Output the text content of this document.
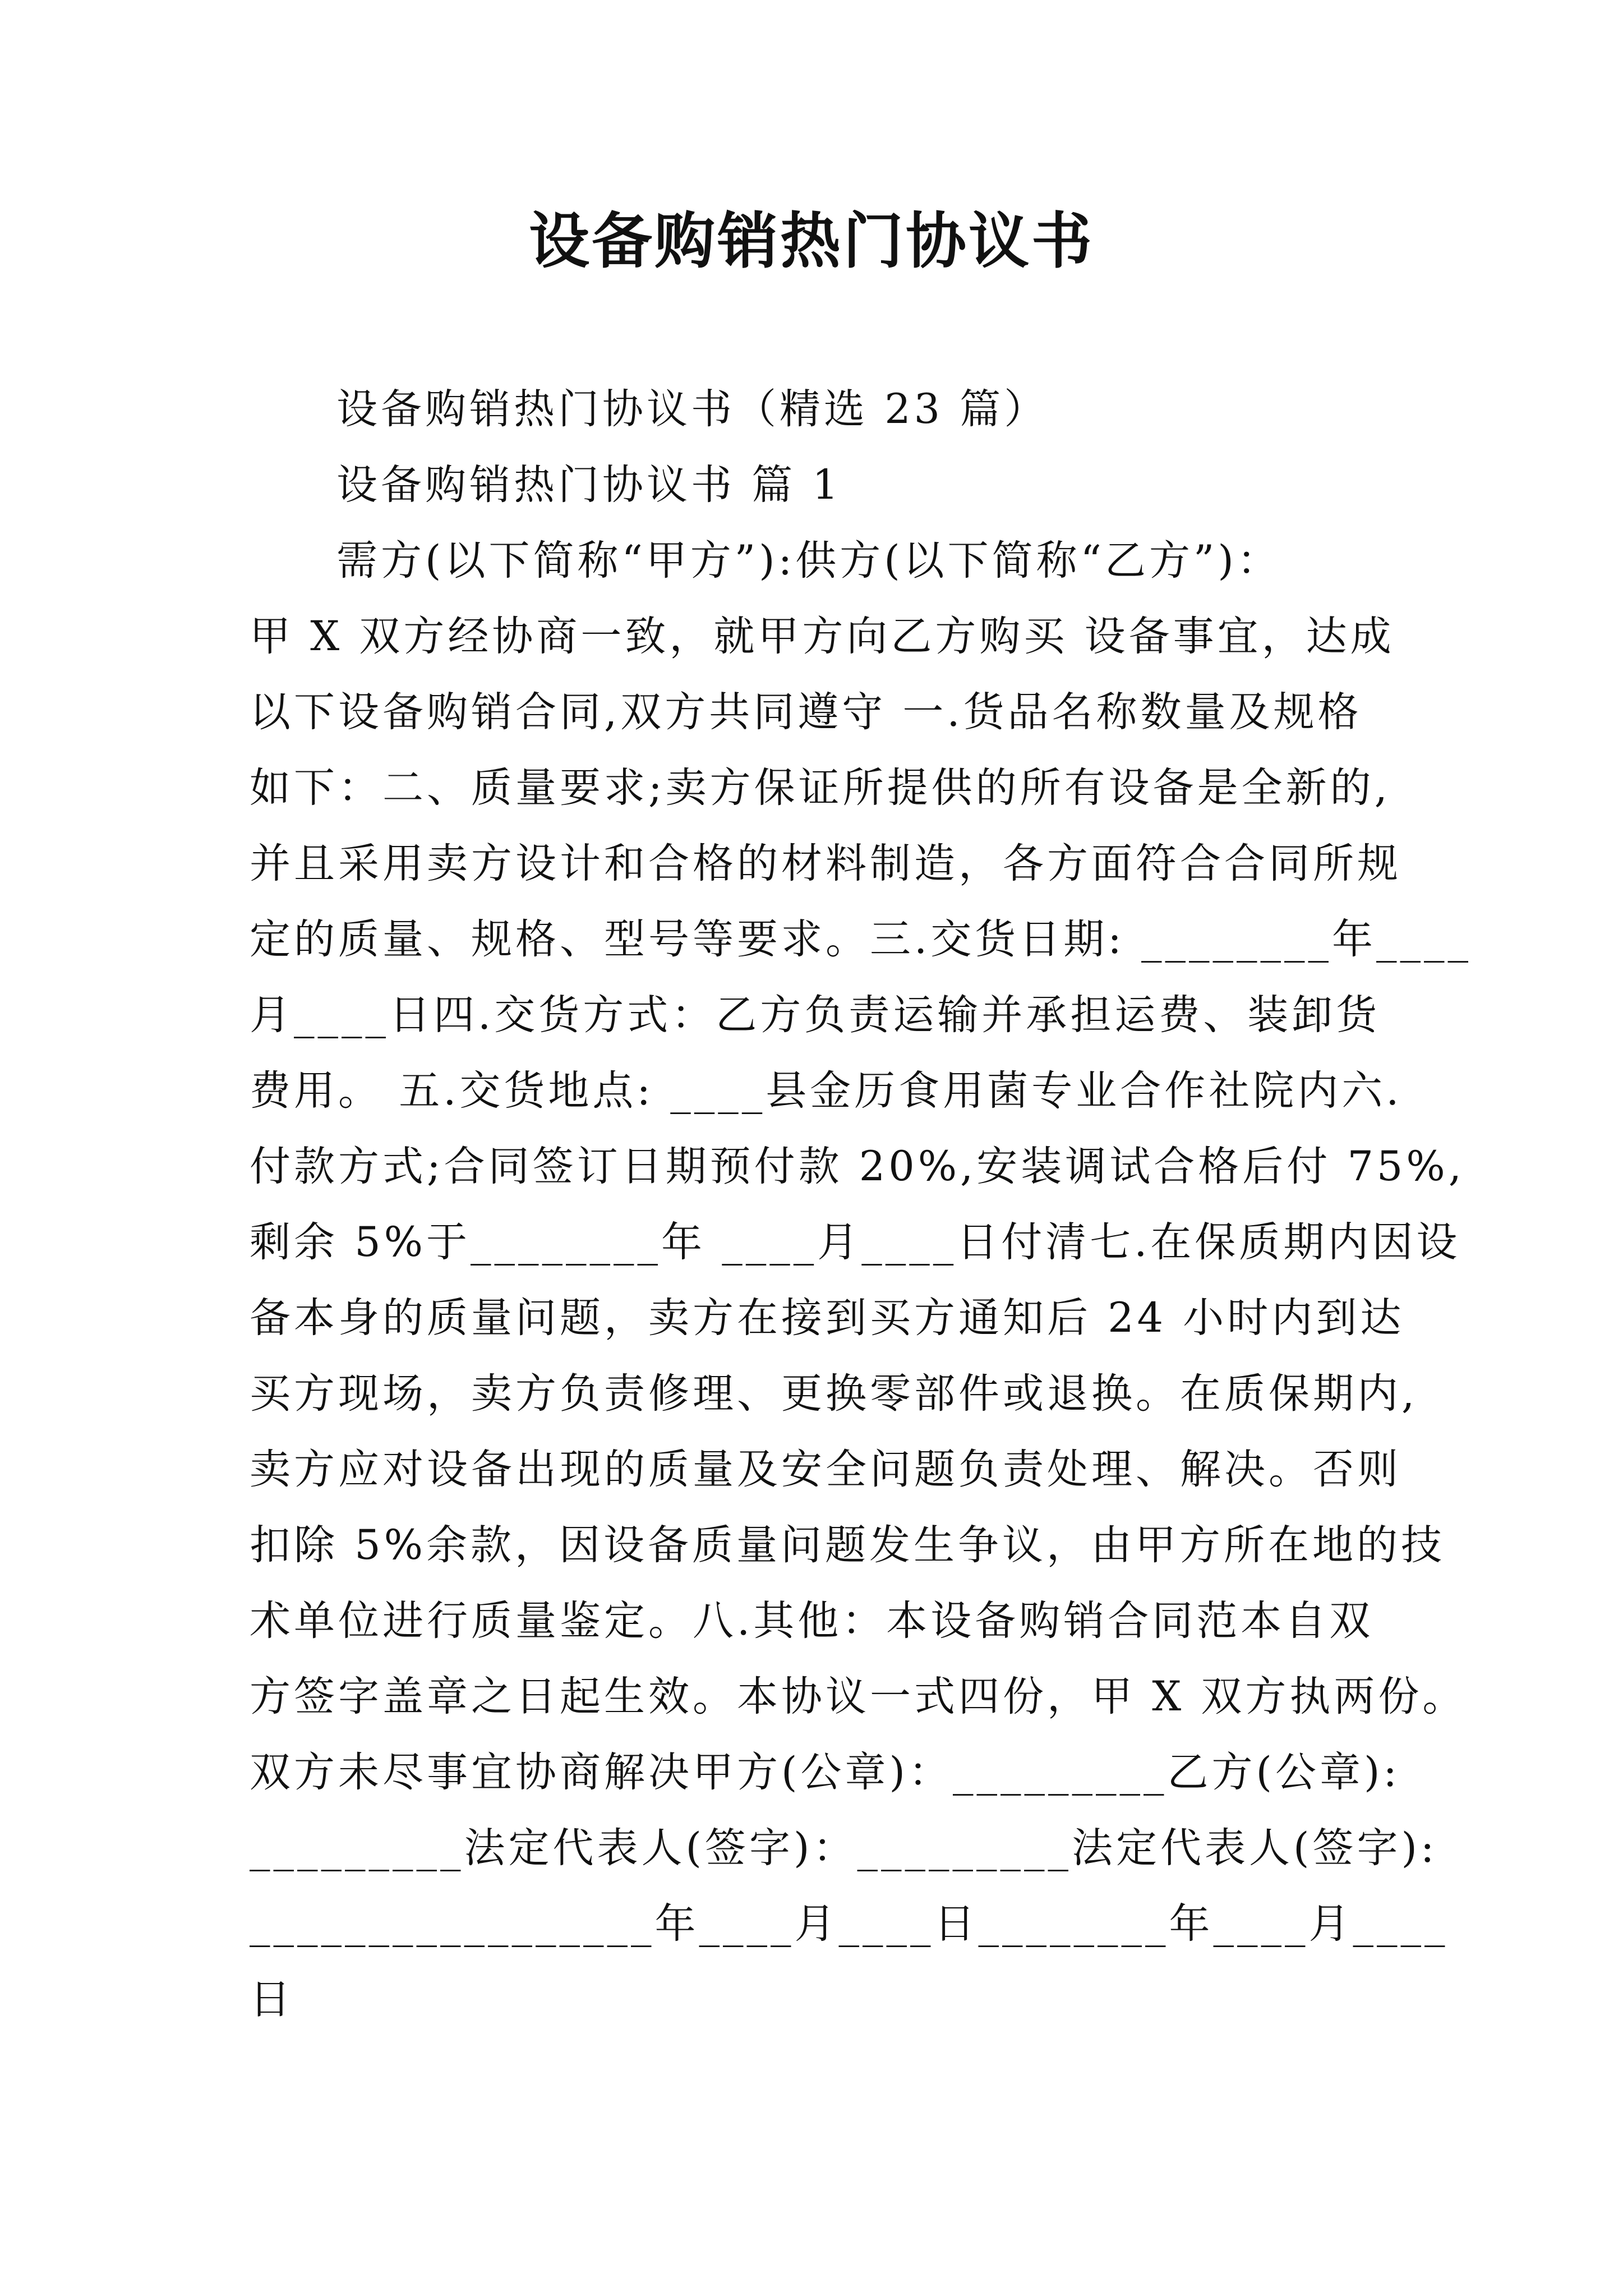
设备购销热门协议书
设备购销热门协议书（精选 23 篇）
设备购销热门协议书 篇 1
需方(以下简称“甲方”):供方(以下简称“乙方”)：
甲 X 双方经协商一致，就甲方向乙方购买 设备事宜，达成
以下设备购销合同,双方共同遵守 一.货品名称数量及规格
如下：二、质量要求;卖方保证所提供的所有设备是全新的,
并且采用卖方设计和合格的材料制造，各方面符合合同所规
定的质量、规格、型号等要求。三.交货日期: ________年____
月____日四.交货方式：乙方负责运输并承担运费、装卸货
费用。 五.交货地点: ____县金历食用菌专业合作社院内六.
付款方式;合同签订日期预付款 20%,安装调试合格后付 75%,
剩余 5%于________年 ____月____日付清七.在保质期内因设
备本身的质量问题，卖方在接到买方通知后 24 小时内到达
买方现场，卖方负责修理、更换零部件或退换。在质保期内,
卖方应对设备出现的质量及安全问题负责处理、解决。否则
扣除 5%余款，因设备质量问题发生争议，由甲方所在地的技
术单位进行质量鉴定。八.其他：本设备购销合同范本自双
方签字盖章之日起生效。本协议一式四份，甲 X 双方执两份。
双方未尽事宜协商解决甲方(公章)：_________乙方(公章):
_________法定代表人(签字)：_________法定代表人(签字):
_________________年____月____日________年____月____
日
